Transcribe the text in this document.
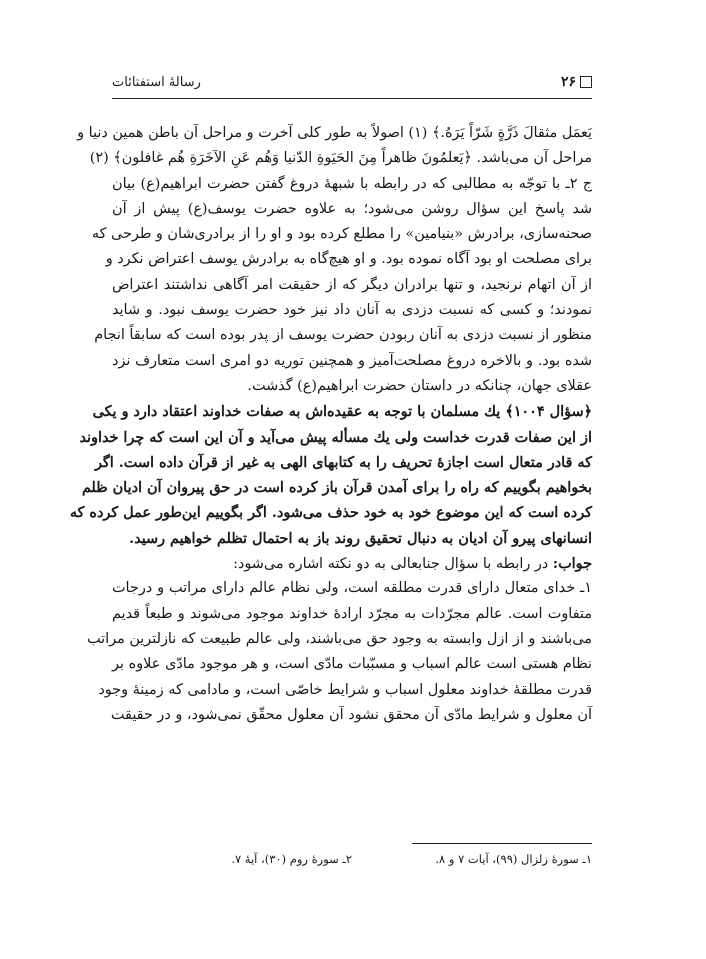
۲۶
رسالهٔ استفتائات
يَعمَل مثقالَ ذَرَّةٍ شَرّاً يَرَهُ.﴾ (۱) اصولاً به طور كلى آخرت و مراحل آن باطن همين دنيا و
مراحل آن مى‌باشد. ﴿يَعلمُونَ ظاهراً مِنَ الحَيَوةِ الدّنيا وَهُم عَنِ الآخَرَةِ هُم غافلون﴾ (۲)
ج ۲ـ با توجّه به مطالبى كه در رابطه با شبههٔ دروغ گفتن حضرت ابراهيم(ع) بيان
شد پاسخ اين سؤال روشن مى‌شود؛ به علاوه حضرت يوسف(ع) پيش از آن
صحنه‌سازى، برادرش «بنيامين» را مطلع كرده بود و او را از برادرى‌شان و طرحى كه
براى مصلحت او بود آگاه نموده بود. و او هيچ‌گاه به برادرش يوسف اعتراض نكرد و
از آن اتهام نرنجيد، و تنها برادران ديگر كه از حقيقت امر آگاهى نداشتند اعتراض
نمودند؛ و كسى كه نسبت دزدى به آنان داد نيز خود حضرت يوسف نبود. و شايد
منظور از نسبت دزدى به آنان ربودن حضرت يوسف از پدر بوده است كه سابقاً انجام
شده بود. و بالاخره دروغ مصلحت‌آميز و همچنين توريه دو امرى است متعارف نزد
عقلاى جهان، چنانكه در داستان حضرت ابراهيم(ع) گذشت.
﴿سؤال ۱۰۰۴﴾ يك مسلمان با توجه به عقيده‌اش به صفات خداوند اعتقاد دارد و يكى
از اين صفات قدرت خداست ولى يك مسأله پيش مى‌آيد و آن اين است كه چرا خداوند
كه قادر متعال است اجازهٔ تحريف را به كتابهاى الهى به غير از قرآن داده است. اگر
بخواهيم بگوييم كه راه را براى آمدن قرآن باز كرده است در حق پيروان آن اديان ظلم
كرده است كه اين موضوع خود به خود حذف مى‌شود. اگر بگوييم اين‌طور عمل كرده كه
انسانهاى پيرو آن اديان به دنبال تحقيق روند باز به احتمال تظلم خواهيم رسيد.
جواب: در رابطه با سؤال جنابعالى به دو نكته اشاره مى‌شود:
۱ـ خداى متعال داراى قدرت مطلقه است، ولى نظام عالم داراى مراتب و درجات
متفاوت است. عالم مجرّدات به مجرّد ارادهٔ خداوند موجود مى‌شوند و طبعاً قديم
مى‌باشند و از ازل وابسته به وجود حق مى‌باشند، ولى عالم طبيعت كه نازلترين مراتب
نظام هستى است عالم اسباب و مسبّبات مادّى است، و هر موجود مادّى علاوه بر
قدرت مطلقهٔ خداوند معلول اسباب و شرايط خاصّى است، و مادامى كه زمينهٔ وجود
آن معلول و شرايط مادّى آن محقق نشود آن معلول محقّق نمى‌شود، و در حقيقت
۱ـ سورهٔ زلزال (۹۹)، آيات ۷ و ۸.
۲ـ سورهٔ روم (۳۰)، آيهٔ ۷.
